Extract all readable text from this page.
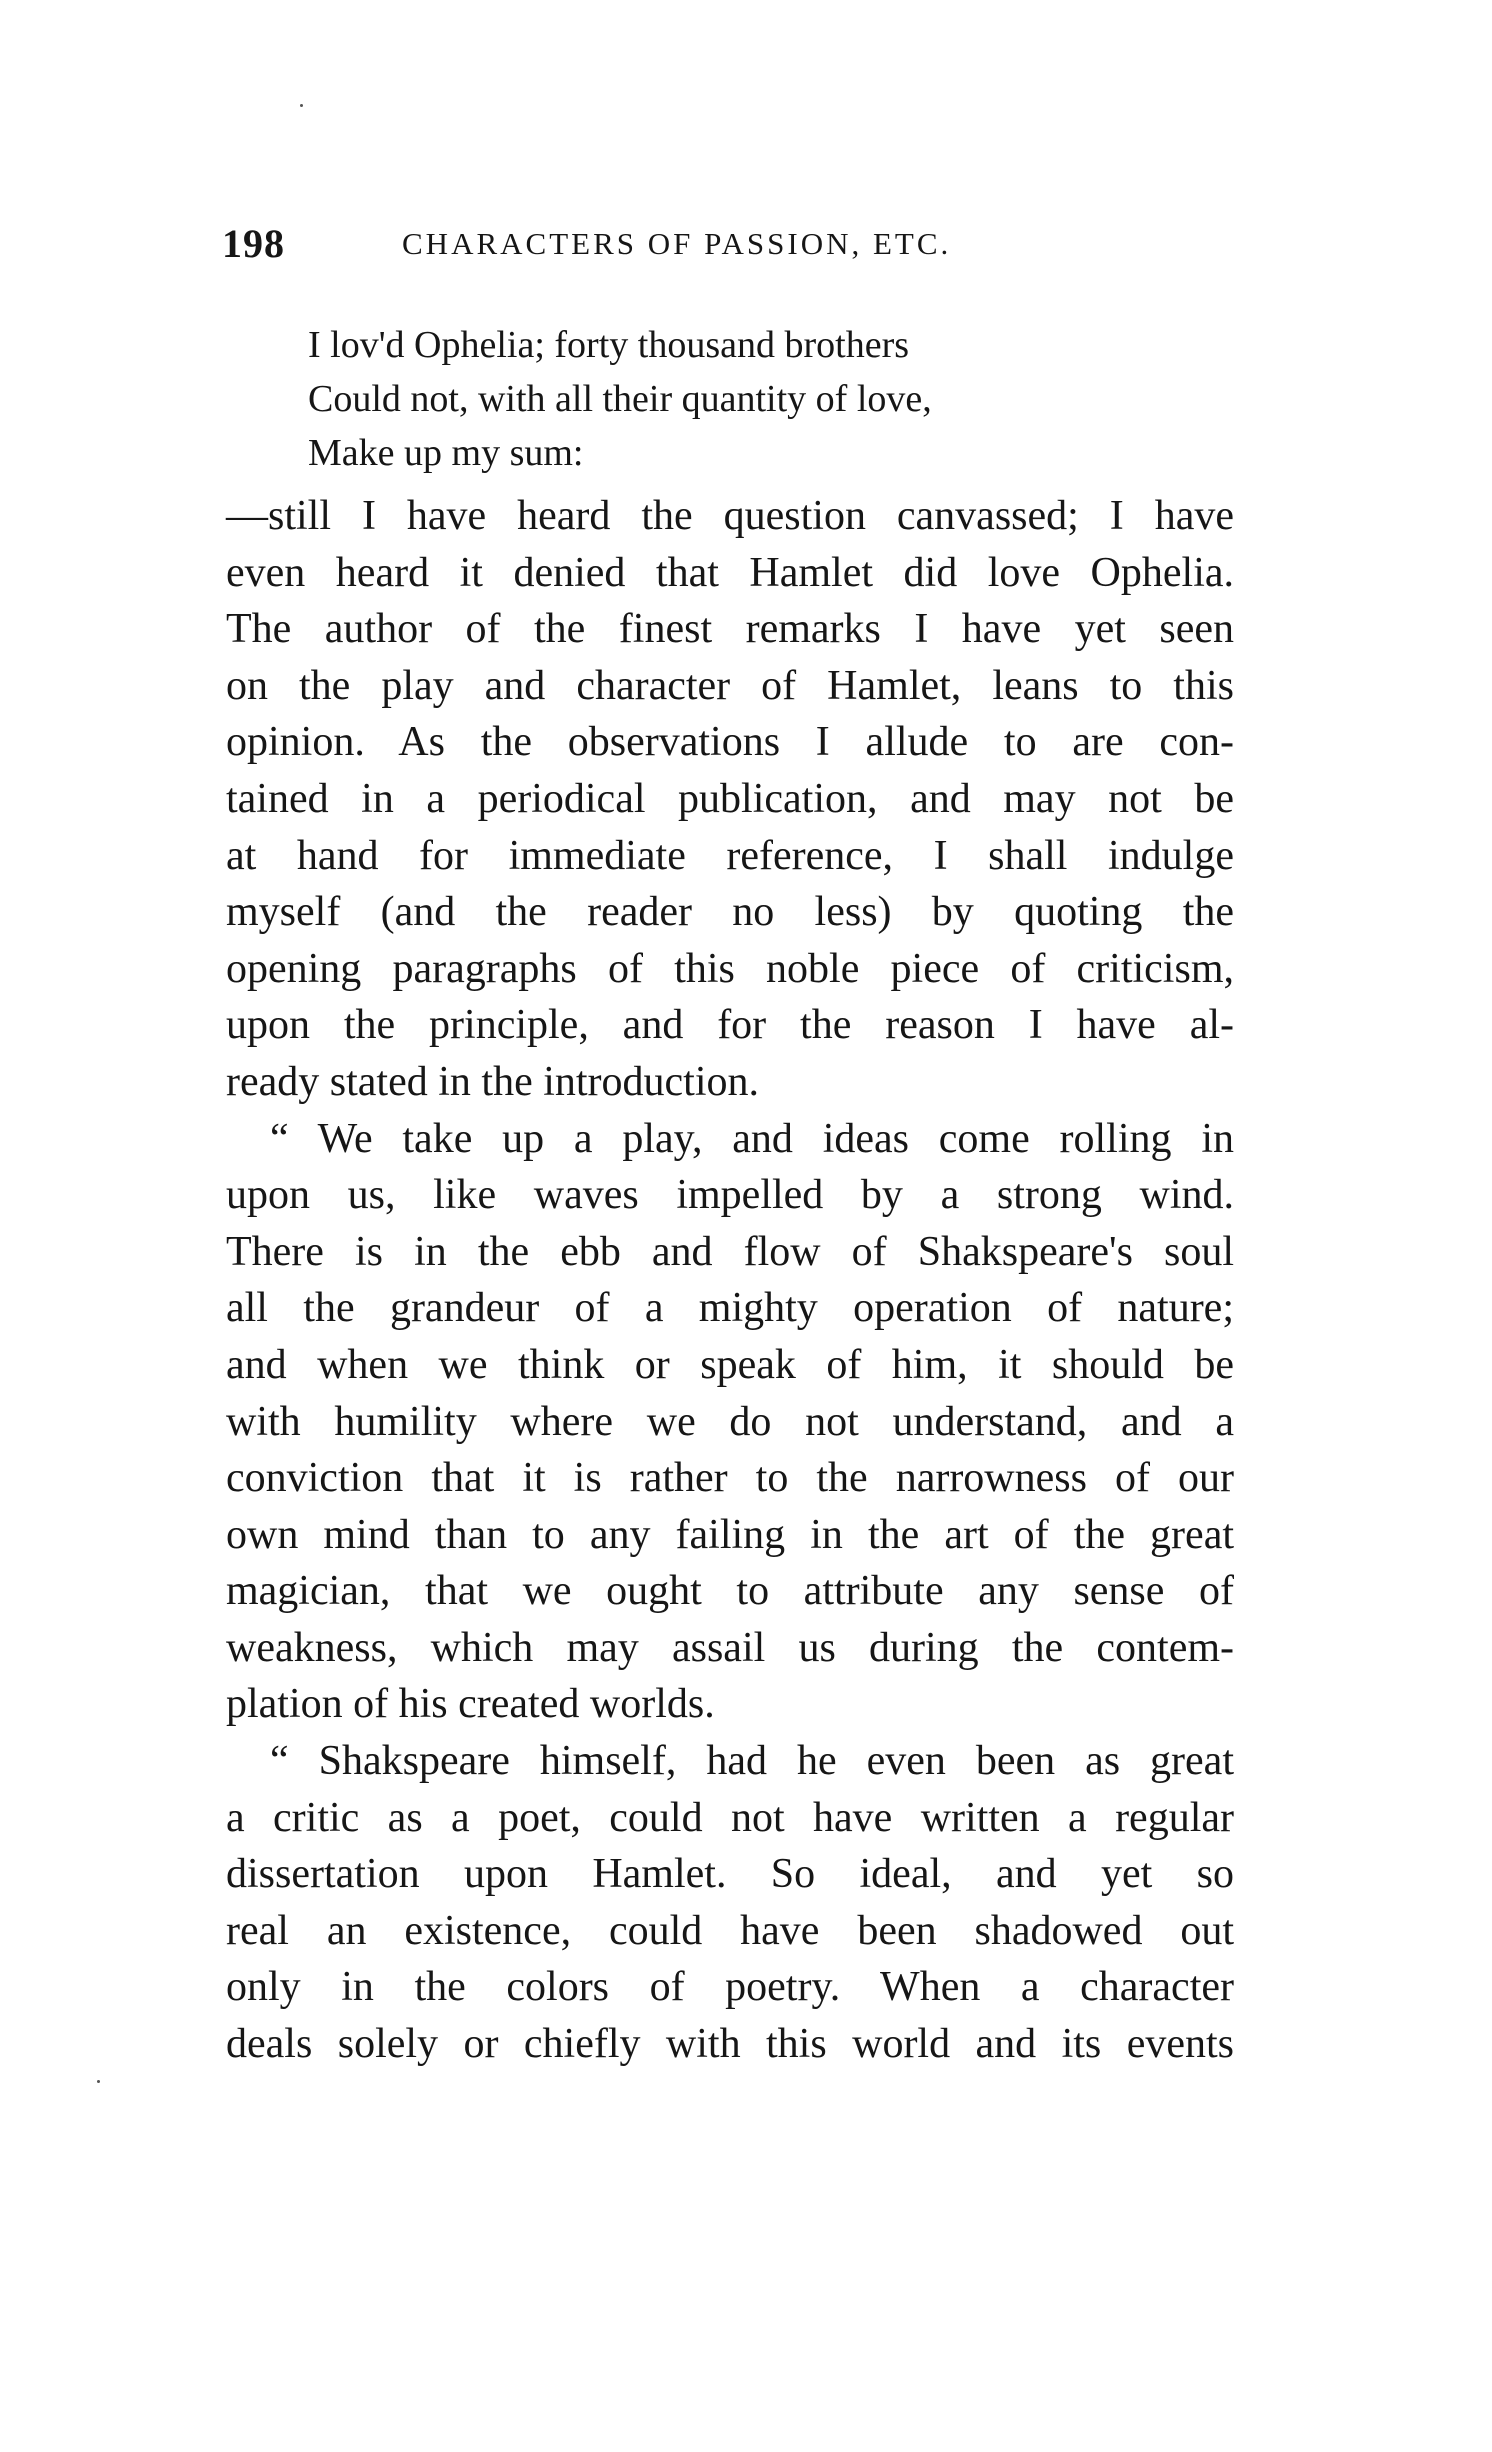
198	CHARACTERS OF PASSION, ETC.
I lov'd Ophelia; forty thousand brothers
Could not, with all their quantity of love,
Make up my sum:
—still I have heard the question canvassed; I have
even heard it denied that Hamlet did love Ophelia.
The author of the finest remarks I have yet seen
on the play and character of Hamlet, leans to this
opinion. As the observations I allude to are con-
tained in a periodical publication, and may not be
at hand for immediate reference, I shall indulge
myself (and the reader no less) by quoting the
opening paragraphs of this noble piece of criticism,
upon the principle, and for the reason I have al-
ready stated in the introduction.
“ We take up a play, and ideas come rolling in
upon us, like waves impelled by a strong wind.
There is in the ebb and flow of Shakspeare's soul
all the grandeur of a mighty operation of nature;
and when we think or speak of him, it should be
with humility where we do not understand, and a
conviction that it is rather to the narrowness of our
own mind than to any failing in the art of the great
magician, that we ought to attribute any sense of
weakness, which may assail us during the contem-
plation of his created worlds.
“ Shakspeare himself, had he even been as great
a critic as a poet, could not have written a regular
dissertation upon Hamlet. So ideal, and yet so
real an existence, could have been shadowed out
only in the colors of poetry. When a character
deals solely or chiefly with this world and its events
